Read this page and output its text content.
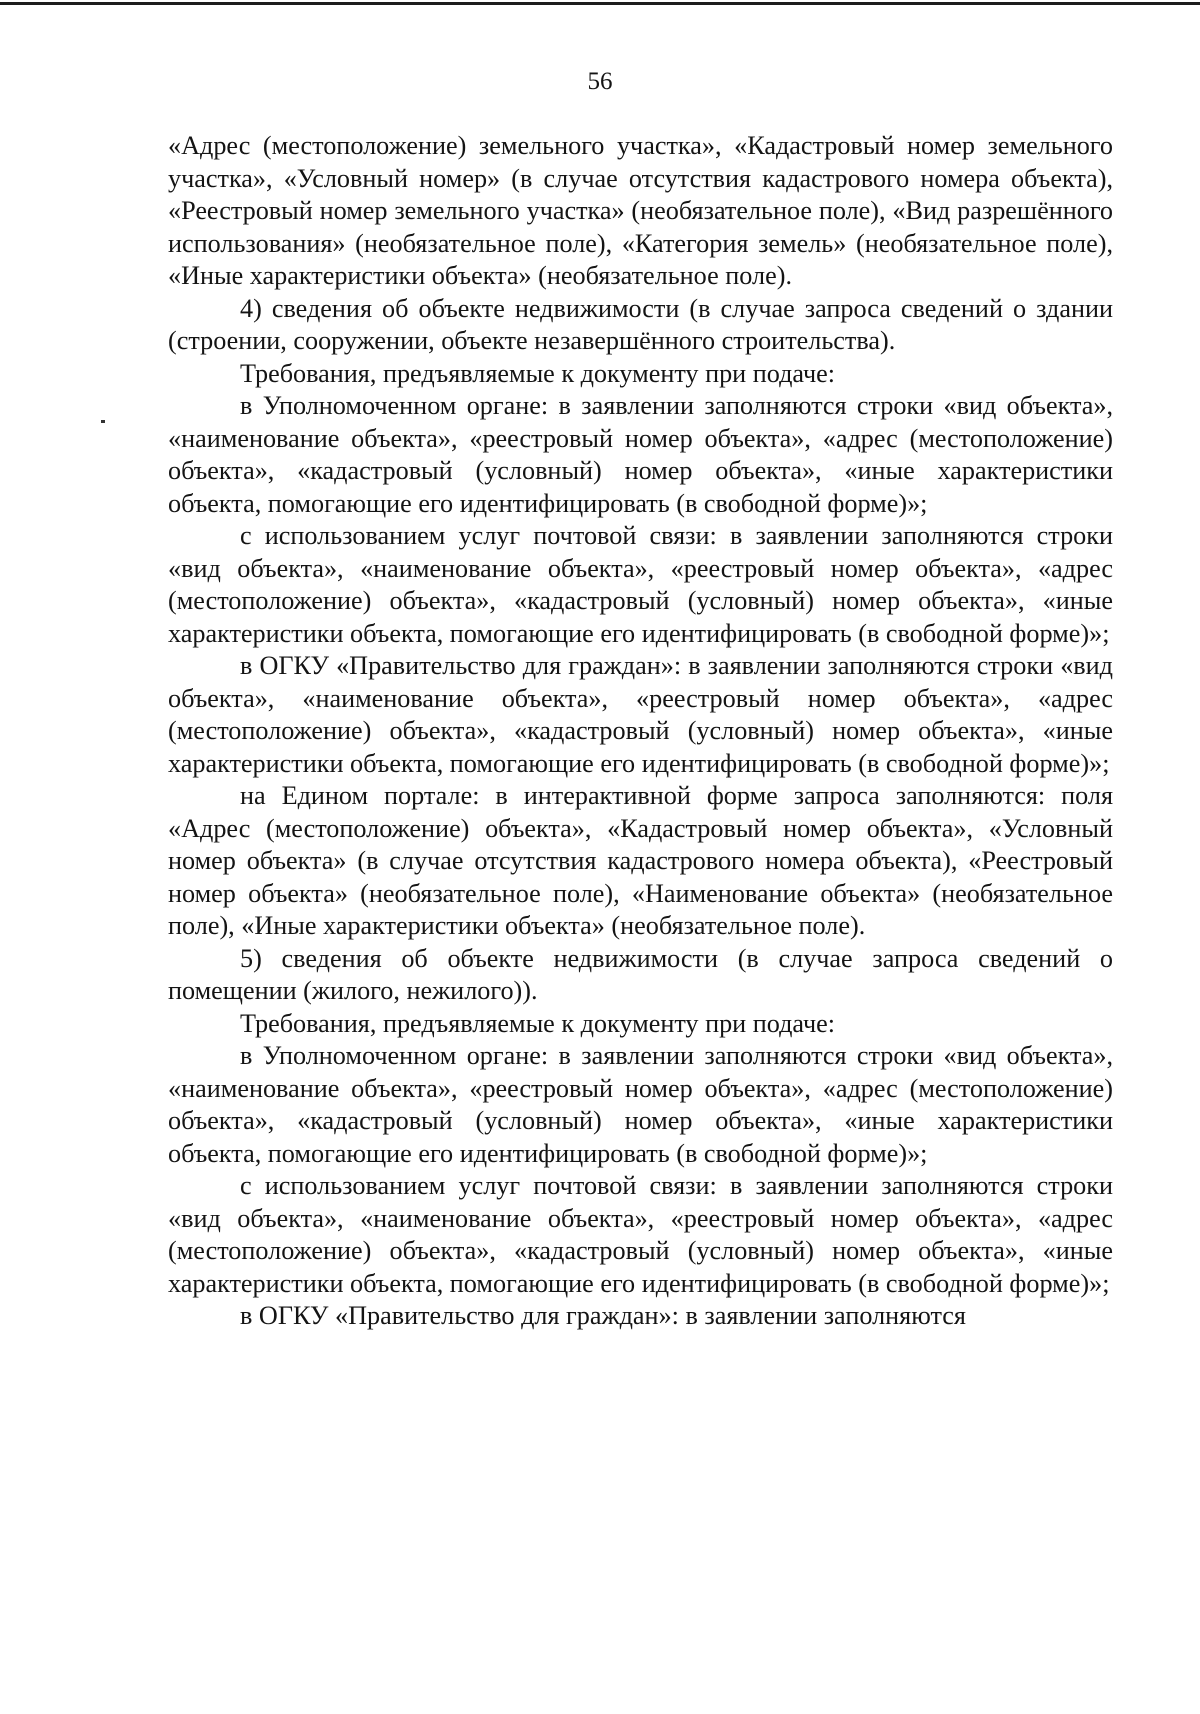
56

«Адрес (местоположение) земельного участка», «Кадастровый номер земельного участка», «Условный номер» (в случае отсутствия кадастрового номера объекта), «Реестровый номер земельного участка» (необязательное поле), «Вид разрешённого использования» (необязательное поле), «Категория земель» (необязательное поле), «Иные характеристики объекта» (необязательное поле).

4) сведения об объекте недвижимости (в случае запроса сведений о здании (строении, сооружении, объекте незавершённого строительства).

Требования, предъявляемые к документу при подаче:

в Уполномоченном органе: в заявлении заполняются строки «вид объекта», «наименование объекта», «реестровый номер объекта», «адрес (местоположение) объекта», «кадастровый (условный) номер объекта», «иные характеристики объекта, помогающие его идентифицировать (в свободной форме)»;

с использованием услуг почтовой связи: в заявлении заполняются строки «вид объекта», «наименование объекта», «реестровый номер объекта», «адрес (местоположение) объекта», «кадастровый (условный) номер объекта», «иные характеристики объекта, помогающие его идентифицировать (в свободной форме)»;

в ОГКУ «Правительство для граждан»: в заявлении заполняются строки «вид объекта», «наименование объекта», «реестровый номер объекта», «адрес (местоположение) объекта», «кадастровый (условный) номер объекта», «иные характеристики объекта, помогающие его идентифицировать (в свободной форме)»;

на Едином портале: в интерактивной форме запроса заполняются: поля «Адрес (местоположение) объекта», «Кадастровый номер объекта», «Условный номер объекта» (в случае отсутствия кадастрового номера объекта), «Реестровый номер объекта» (необязательное поле), «Наименование объекта» (необязательное поле), «Иные характеристики объекта» (необязательное поле).

5) сведения об объекте недвижимости (в случае запроса сведений о помещении (жилого, нежилого)).

Требования, предъявляемые к документу при подаче:

в Уполномоченном органе: в заявлении заполняются строки «вид объекта», «наименование объекта», «реестровый номер объекта», «адрес (местоположение) объекта», «кадастровый (условный) номер объекта», «иные характеристики объекта, помогающие его идентифицировать (в свободной форме)»;

с использованием услуг почтовой связи: в заявлении заполняются строки «вид объекта», «наименование объекта», «реестровый номер объекта», «адрес (местоположение) объекта», «кадастровый (условный) номер объекта», «иные характеристики объекта, помогающие его идентифицировать (в свободной форме)»;

в ОГКУ «Правительство для граждан»: в заявлении заполняются
